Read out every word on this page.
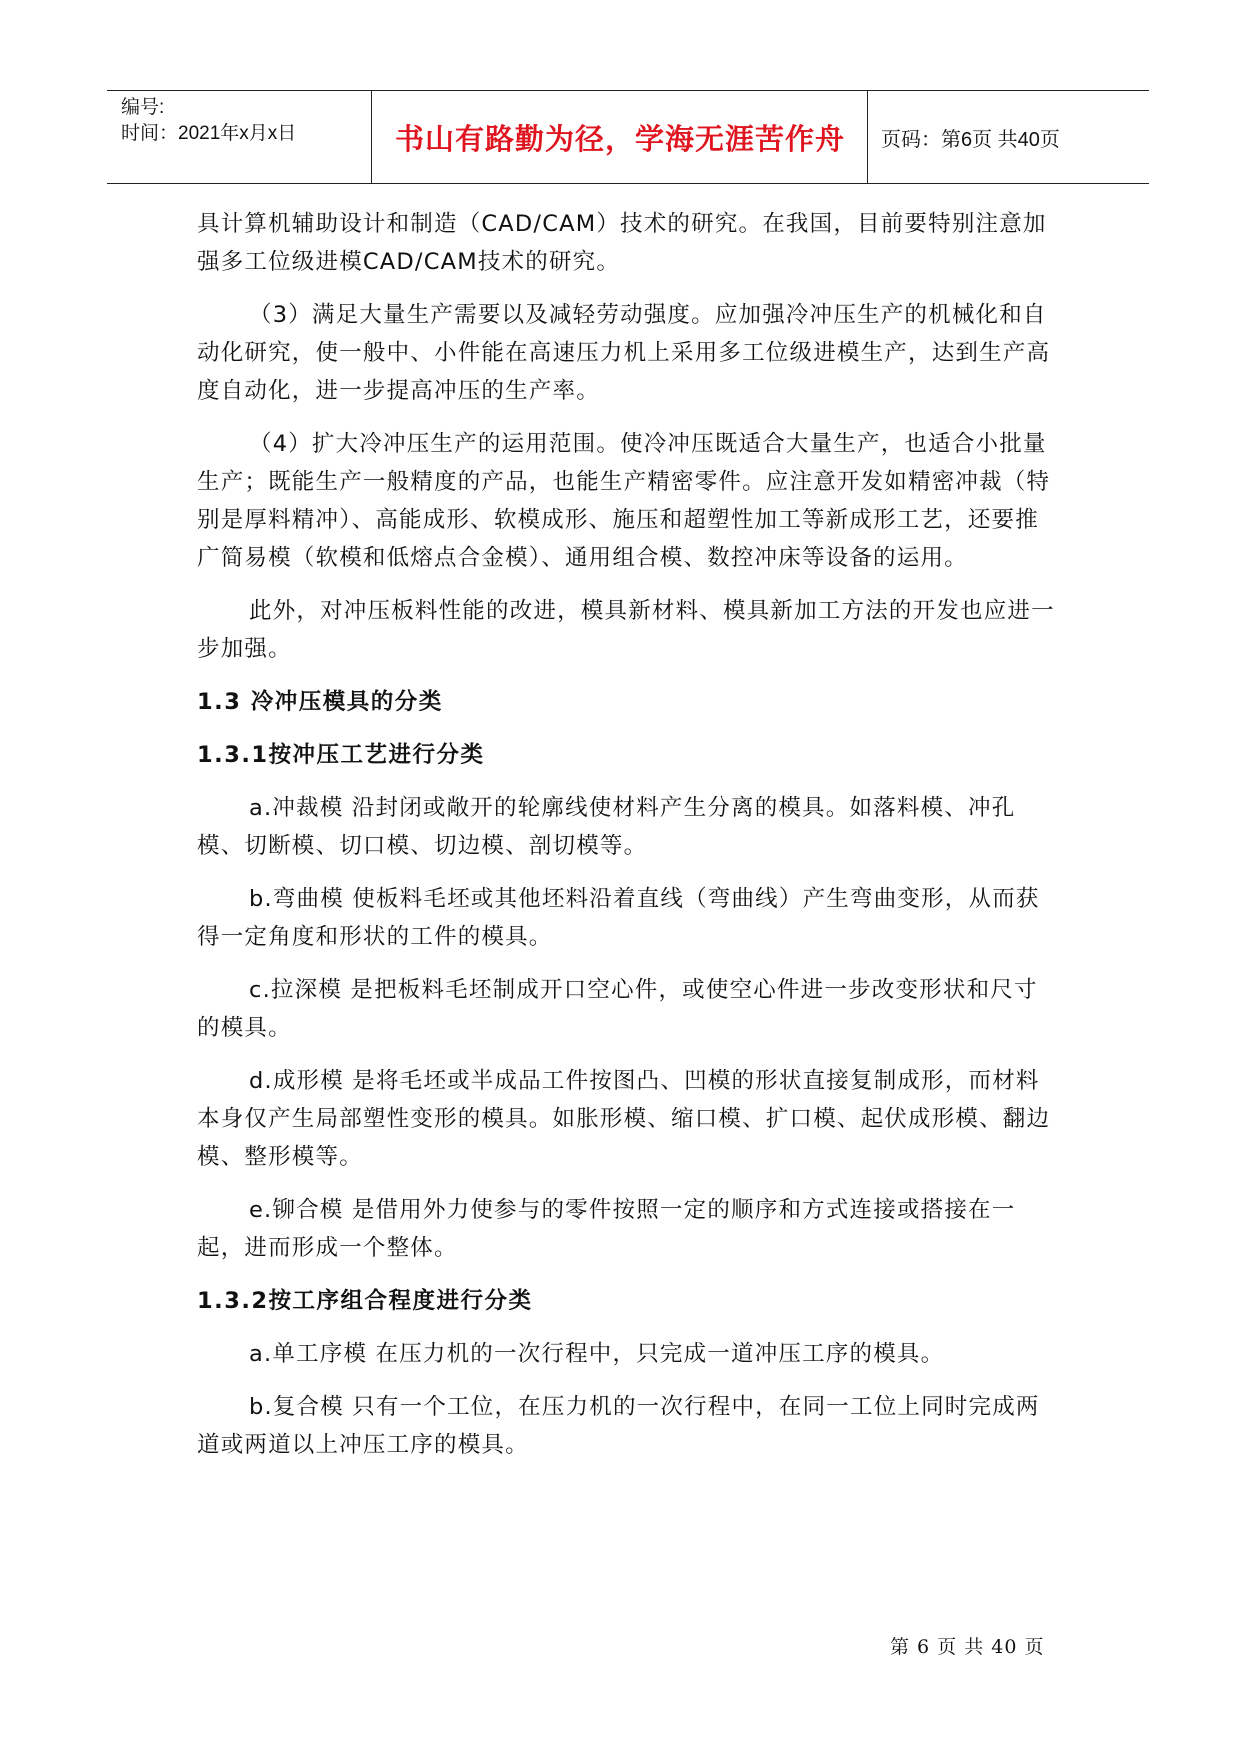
编号:
时间：2021年x月x日	书山有路勤为径，学海无涯苦作舟	页码：第6页 共40页

具计算机辅助设计和制造（CAD/CAM）技术的研究。在我国，目前要特别注意加强多工位级进模CAD/CAM技术的研究。

（3）满足大量生产需要以及减轻劳动强度。应加强冷冲压生产的机械化和自动化研究，使一般中、小件能在高速压力机上采用多工位级进模生产，达到生产高度自动化，进一步提高冲压的生产率。

（4）扩大冷冲压生产的运用范围。使冷冲压既适合大量生产，也适合小批量生产；既能生产一般精度的产品，也能生产精密零件。应注意开发如精密冲裁（特别是厚料精冲）、高能成形、软模成形、施压和超塑性加工等新成形工艺，还要推广简易模（软模和低熔点合金模）、通用组合模、数控冲床等设备的运用。

此外，对冲压板料性能的改进，模具新材料、模具新加工方法的开发也应进一步加强。

1.3 冷冲压模具的分类

1.3.1按冲压工艺进行分类

a.冲裁模 沿封闭或敞开的轮廓线使材料产生分离的模具。如落料模、冲孔模、切断模、切口模、切边模、剖切模等。

b.弯曲模 使板料毛坯或其他坯料沿着直线（弯曲线）产生弯曲变形，从而获得一定角度和形状的工件的模具。

c.拉深模 是把板料毛坯制成开口空心件，或使空心件进一步改变形状和尺寸的模具。

d.成形模 是将毛坯或半成品工件按图凸、凹模的形状直接复制成形，而材料本身仅产生局部塑性变形的模具。如胀形模、缩口模、扩口模、起伏成形模、翻边模、整形模等。

e.铆合模 是借用外力使参与的零件按照一定的顺序和方式连接或搭接在一起，进而形成一个整体。

1.3.2按工序组合程度进行分类

a.单工序模 在压力机的一次行程中，只完成一道冲压工序的模具。

b.复合模 只有一个工位，在压力机的一次行程中，在同一工位上同时完成两道或两道以上冲压工序的模具。

第 6 页 共 40 页
